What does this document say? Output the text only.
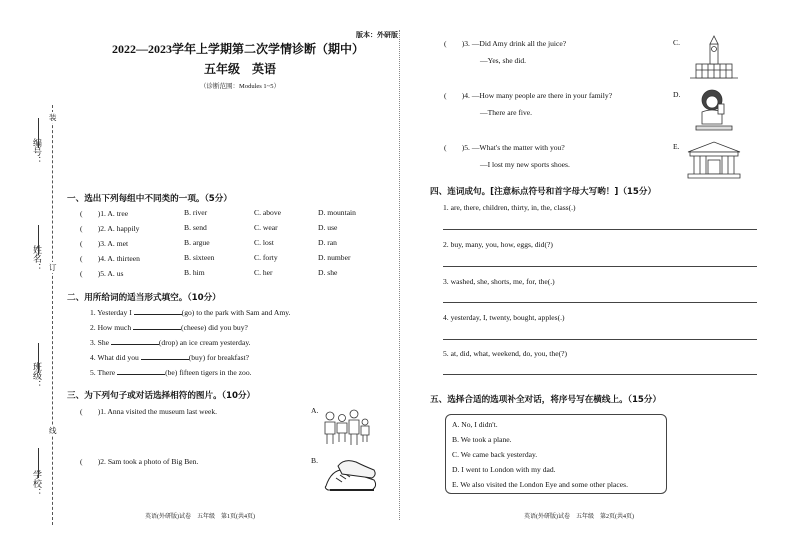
编号：
姓名：
班级：
学校：
装
订
线
版本：外研版
2022—2023学年上学期第二次学情诊断（期中）
五年级　英语
（诊断范围：Modules 1~5）
一、选出下列每组中不同类的一项。（5分）
(　　)1. A. tree	B. river	C. above	D. mountain
(　　)2. A. happily	B. send	C. wear	D. use
(　　)3. A. met	B. argue	C. lost	D. ran
(　　)4. A. thirteen	B. sixteen	C. forty	D. number
(　　)5. A. us	B. him	C. her	D. she
二、用所给词的适当形式填空。（10分）
1. Yesterday I	(go) to the park with Sam and Amy.
2. How much	(cheese) did you buy?
3. She	(drop) an ice cream yesterday.
4. What did you	(buy) for breakfast?
5. There	(be) fifteen tigers in the zoo.
三、为下列句子或对话选择相符的图片。（10分）
(　　)1. Anna visited the museum last week.	A.
(　　)2. Sam took a photo of Big Ben.	B.
英语(外研版)试卷　五年级　第1页(共4页)
(　　)3. —Did Amy drink all the juice?
—Yes, she did.
C.
(　　)4. —How many people are there in your family?
—There are five.
D.
(　　)5. —What's the matter with you?
—I lost my new sports shoes.
E.
四、连词成句。[注意标点符号和首字母大写哟！]（15分）
1. are, there, children, thirty, in, the, class(.)
2. buy, many, you, how, eggs, did(?)
3. washed, she, shorts, me, for, the(.)
4. yesterday, I, twenty, bought, apples(.)
5. at, did, what, weekend, do, you, the(?)
五、选择合适的选项补全对话，将序号写在横线上。（15分）
A. No, I didn't.
B. We took a plane.
C. We came back yesterday.
D. I went to London with my dad.
E. We also visited the London Eye and some other places.
英语(外研版)试卷　五年级　第2页(共4页)
